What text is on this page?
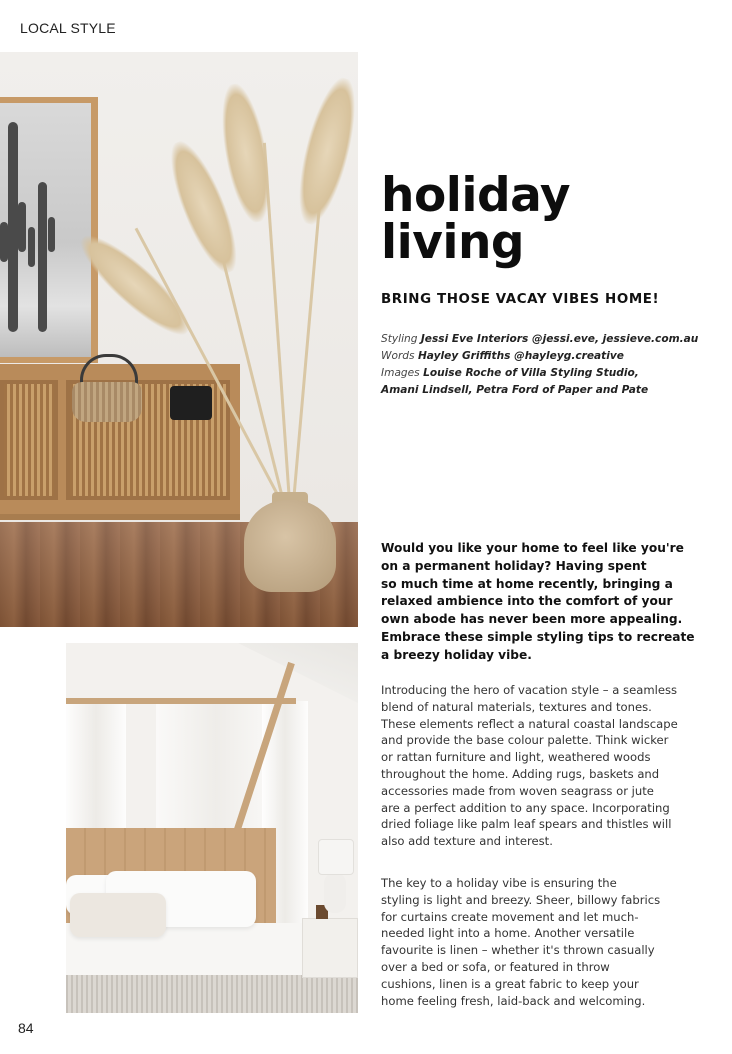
LOCAL STYLE
84
holiday
living

BRING THOSE VACAY VIBES HOME!

Styling Jessi Eve Interiors @jessi.eve, jessieve.com.au
Words Hayley Griffiths @hayleyg.creative
Images Louise Roche of Villa Styling Studio,
Amani Lindsell, Petra Ford of Paper and Pate
Would you like your home to feel like you're
on a permanent holiday? Having spent
so much time at home recently, bringing a
relaxed ambience into the comfort of your
own abode has never been more appealing.
Embrace these simple styling tips to recreate
a breezy holiday vibe.
Introducing the hero of vacation style – a seamless
blend of natural materials, textures and tones.
These elements reflect a natural coastal landscape
and provide the base colour palette. Think wicker
or rattan furniture and light, weathered woods
throughout the home. Adding rugs, baskets and
accessories made from woven seagrass or jute
are a perfect addition to any space. Incorporating
dried foliage like palm leaf spears and thistles will
also add texture and interest.
The key to a holiday vibe is ensuring the
styling is light and breezy. Sheer, billowy fabrics
for curtains create movement and let much-
needed light into a home. Another versatile
favourite is linen – whether it's thrown casually
over a bed or sofa, or featured in throw
cushions, linen is a great fabric to keep your
home feeling fresh, laid-back and welcoming.
